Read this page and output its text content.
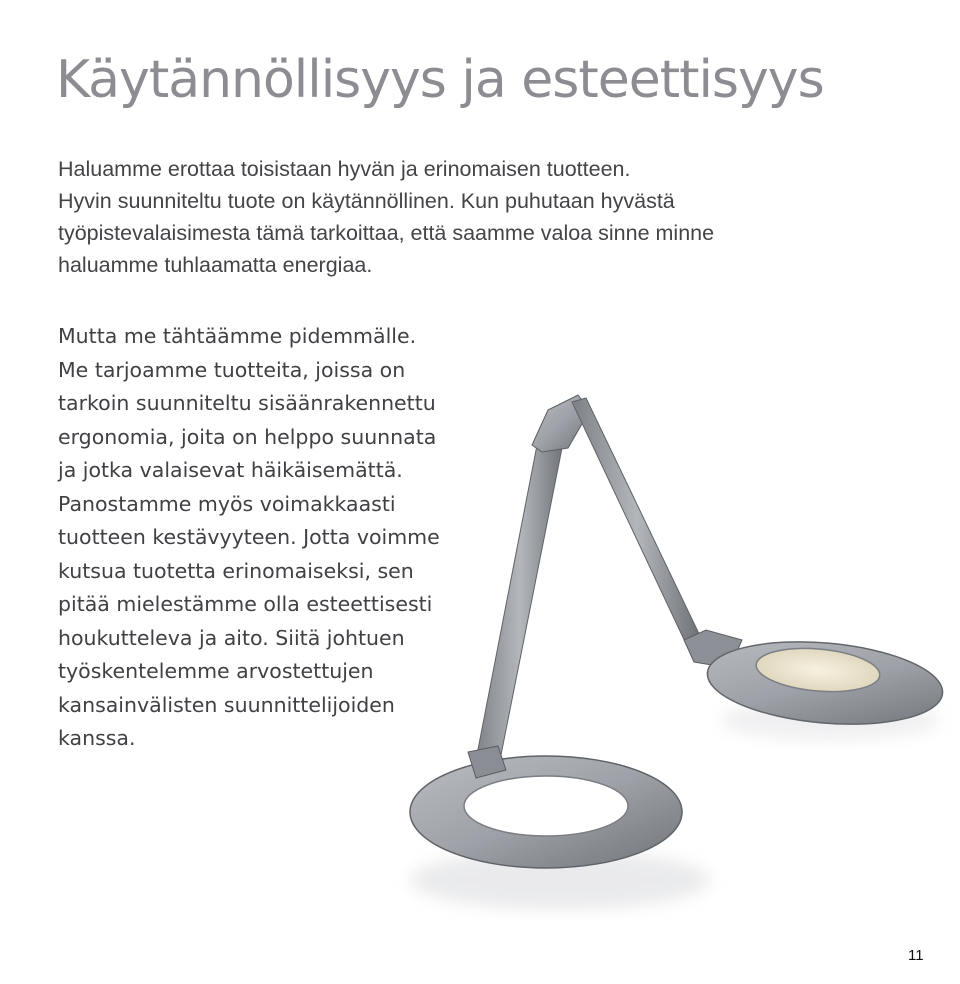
Käytännöllisyys ja esteettisyys

Haluamme erottaa toisistaan hyvän ja erinomaisen tuotteen.

Hyvin suunniteltu tuote on käytännöllinen. Kun puhutaan hyvästä

työpistevalaisimesta tämä tarkoittaa, että saamme valoa sinne minne

haluamme tuhlaamatta energiaa.

Mutta me tähtäämme pidemmälle.

Me tarjoamme tuotteita, joissa on

tarkoin suunniteltu sisäänrakennettu

ergonomia, joita on helppo suunnata

ja jotka valaisevat häikäisemättä.

Panostamme myös voimakkaasti

tuotteen kestävyyteen. Jotta voimme

kutsua tuotetta erinomaiseksi, sen

pitää mielestämme olla esteettisesti

houkutteleva ja aito. Siitä johtuen

työskentelemme arvostettujen

kansainvälisten suunnittelijoiden

kanssa.

11
